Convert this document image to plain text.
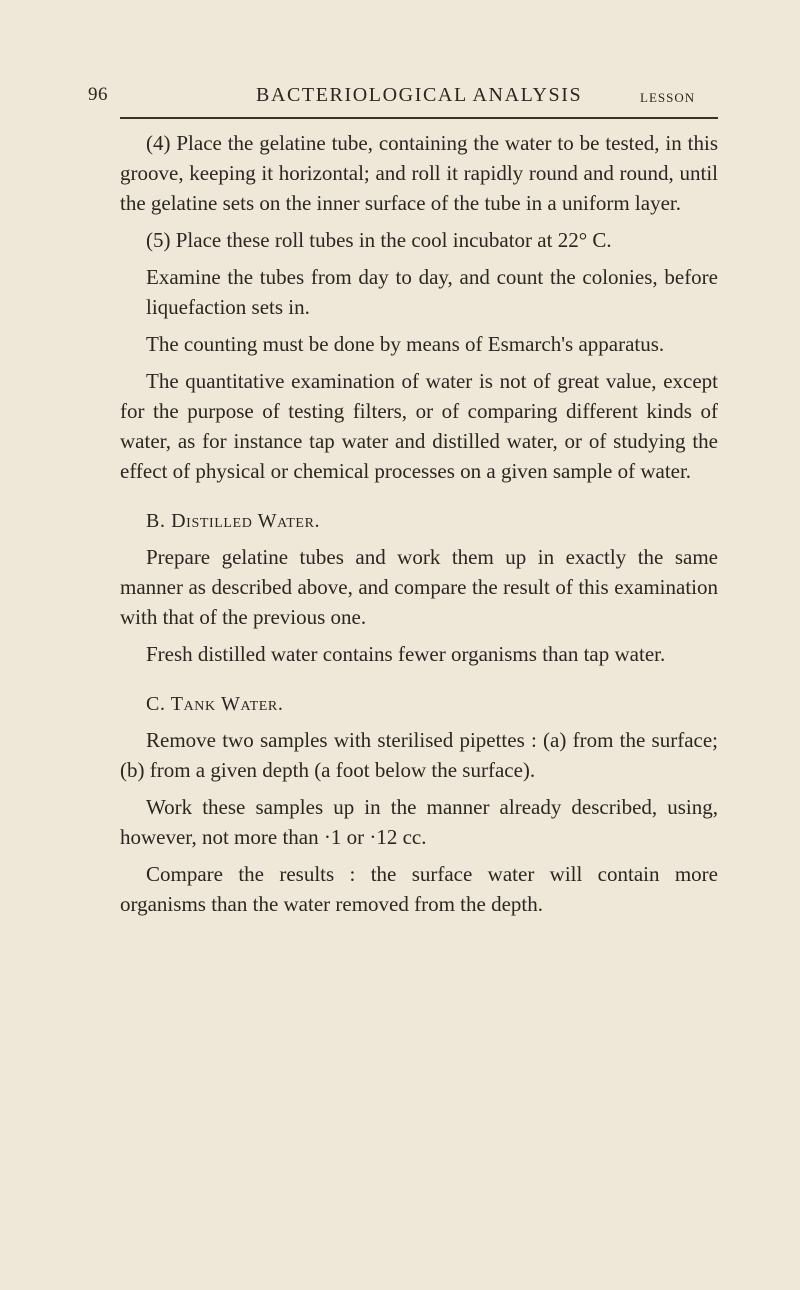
96	BACTERIOLOGICAL ANALYSIS	LESSON

(4) Place the gelatine tube, containing the water to be tested, in this groove, keeping it horizontal; and roll it rapidly round and round, until the gelatine sets on the inner surface of the tube in a uniform layer.

(5) Place these roll tubes in the cool incubator at 22° C.

Examine the tubes from day to day, and count the colonies, before liquefaction sets in.

The counting must be done by means of Esmarch's apparatus.

The quantitative examination of water is not of great value, except for the purpose of testing filters, or of comparing different kinds of water, as for instance tap water and distilled water, or of studying the effect of physical or chemical processes on a given sample of water.

B. Distilled Water.

Prepare gelatine tubes and work them up in exactly the same manner as described above, and compare the result of this examination with that of the previous one.

Fresh distilled water contains fewer organisms than tap water.

C. Tank Water.

Remove two samples with sterilised pipettes : (a) from the surface; (b) from a given depth (a foot below the surface).

Work these samples up in the manner already described, using, however, not more than ·1 or ·12 cc.

Compare the results : the surface water will contain more organisms than the water removed from the depth.
